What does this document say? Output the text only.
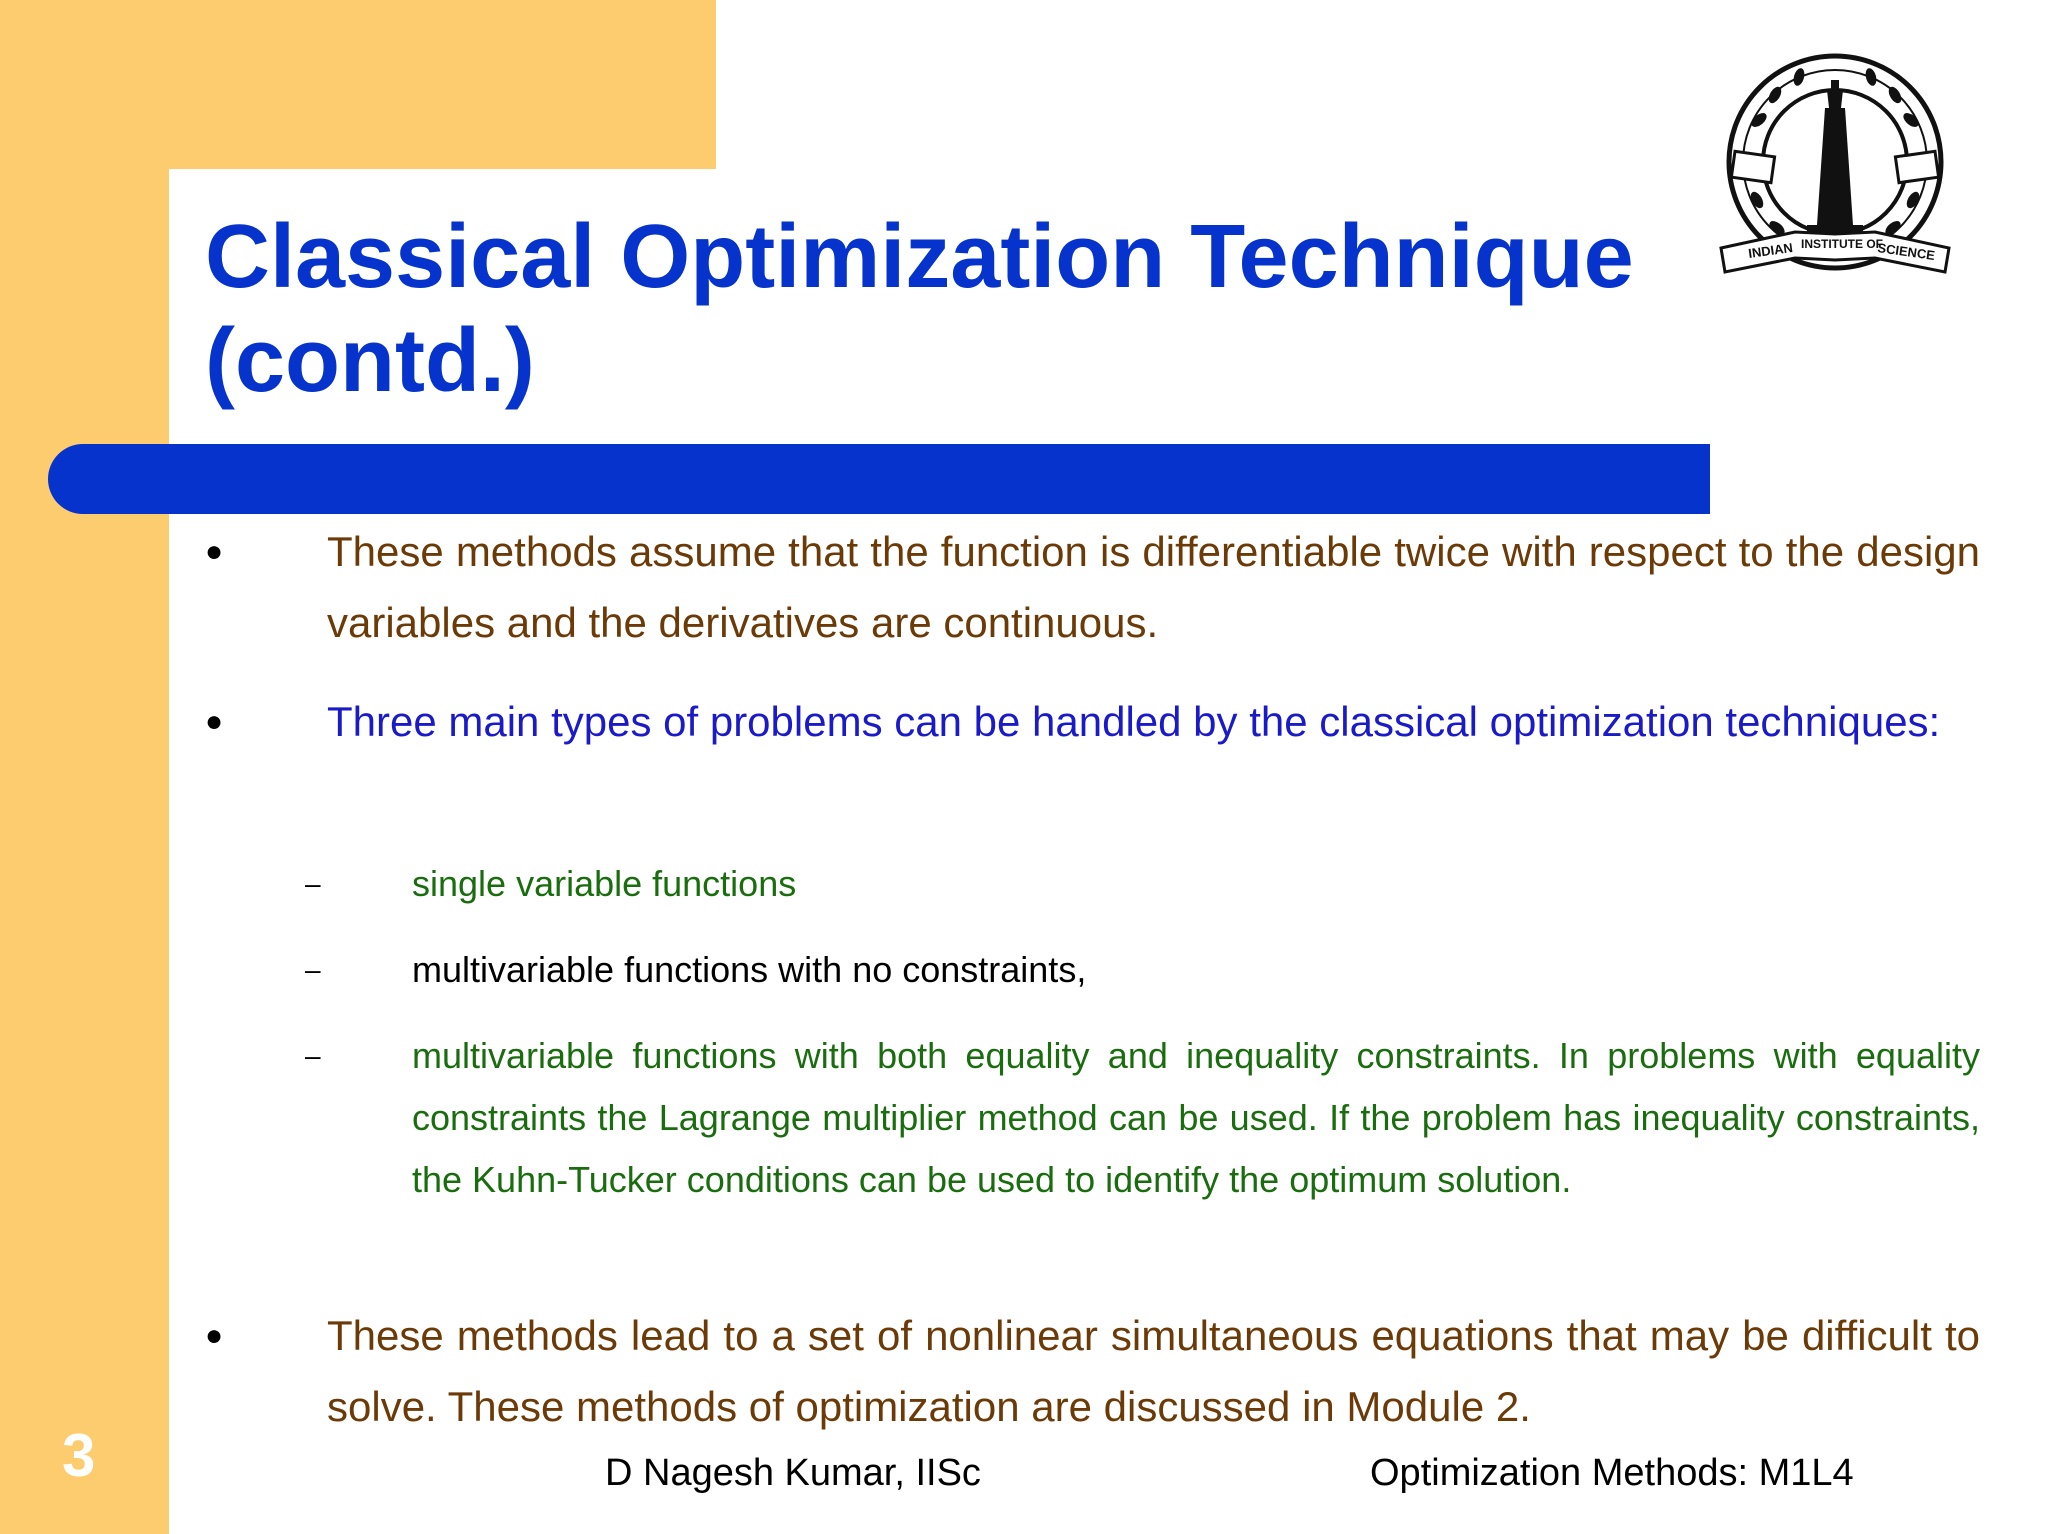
Classical Optimization Technique
(contd.)
INDIAN INSTITUTE OF
SCIENCE
● These methods assume that the function is differentiable twice with respect to the design variables and the derivatives are continuous.

● Three main types of problems can be handled by the classical optimization techniques:

–	single variable functions

–	multivariable functions with no constraints,

–	multivariable functions with both equality and inequality constraints. In problems with equality constraints the Lagrange multiplier method can be used. If the problem has inequality constraints, the Kuhn-Tucker conditions can be used to identify the optimum solution.

● These methods lead to a set of nonlinear simultaneous equations that may be difficult to solve. These methods of optimization are discussed in Module 2.

3	D Nagesh Kumar, IISc	Optimization Methods: M1L4
